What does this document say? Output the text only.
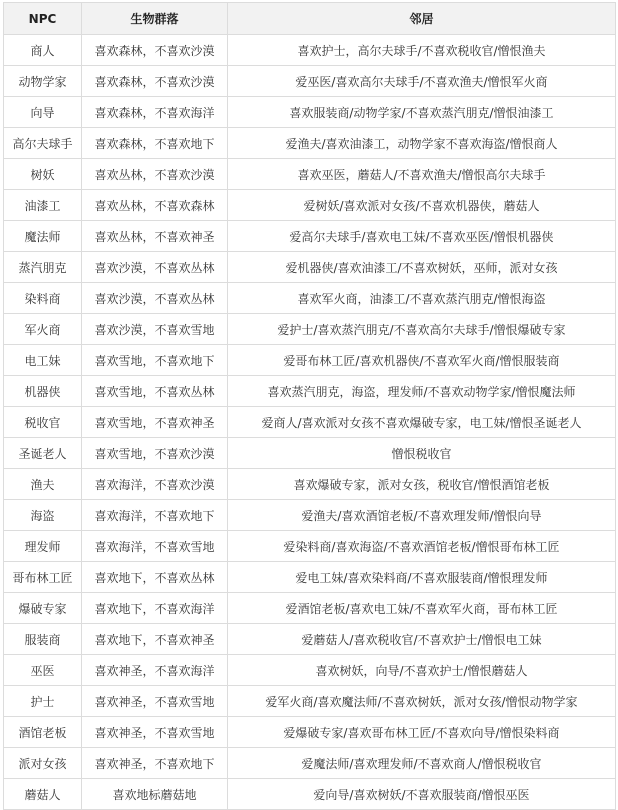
NPC	生物群落	邻居
商人	喜欢森林，不喜欢沙漠	喜欢护士，高尔夫球手/不喜欢税收官/憎恨渔夫
动物学家	喜欢森林，不喜欢沙漠	爱巫医/喜欢高尔夫球手/不喜欢渔夫/憎恨军火商
向导	喜欢森林，不喜欢海洋	喜欢服装商/动物学家/不喜欢蒸汽朋克/憎恨油漆工
高尔夫球手	喜欢森林，不喜欢地下	爱渔夫/喜欢油漆工，动物学家不喜欢海盗/憎恨商人
树妖	喜欢丛林，不喜欢沙漠	喜欢巫医，蘑菇人/不喜欢渔夫/憎恨高尔夫球手
油漆工	喜欢丛林，不喜欢森林	爱树妖/喜欢派对女孩/不喜欢机器侠，蘑菇人
魔法师	喜欢丛林，不喜欢神圣	爱高尔夫球手/喜欢电工妹/不喜欢巫医/憎恨机器侠
蒸汽朋克	喜欢沙漠，不喜欢丛林	爱机器侠/喜欢油漆工/不喜欢树妖，巫师，派对女孩
染料商	喜欢沙漠，不喜欢丛林	喜欢军火商，油漆工/不喜欢蒸汽朋克/憎恨海盗
军火商	喜欢沙漠，不喜欢雪地	爱护士/喜欢蒸汽朋克/不喜欢高尔夫球手/憎恨爆破专家
电工妹	喜欢雪地，不喜欢地下	爱哥布林工匠/喜欢机器侠/不喜欢军火商/憎恨服装商
机器侠	喜欢雪地，不喜欢丛林	喜欢蒸汽朋克，海盗，理发师/不喜欢动物学家/憎恨魔法师
税收官	喜欢雪地，不喜欢神圣	爱商人/喜欢派对女孩不喜欢爆破专家，电工妹/憎恨圣诞老人
圣诞老人	喜欢雪地，不喜欢沙漠	憎恨税收官
渔夫	喜欢海洋，不喜欢沙漠	喜欢爆破专家，派对女孩，税收官/憎恨酒馆老板
海盗	喜欢海洋，不喜欢地下	爱渔夫/喜欢酒馆老板/不喜欢理发师/憎恨向导
理发师	喜欢海洋，不喜欢雪地	爱染料商/喜欢海盗/不喜欢酒馆老板/憎恨哥布林工匠
哥布林工匠	喜欢地下，不喜欢丛林	爱电工妹/喜欢染料商/不喜欢服装商/憎恨理发师
爆破专家	喜欢地下，不喜欢海洋	爱酒馆老板/喜欢电工妹/不喜欢军火商，哥布林工匠
服装商	喜欢地下，不喜欢神圣	爱蘑菇人/喜欢税收官/不喜欢护士/憎恨电工妹
巫医	喜欢神圣，不喜欢海洋	喜欢树妖，向导/不喜欢护士/憎恨蘑菇人
护士	喜欢神圣，不喜欢雪地	爱军火商/喜欢魔法师/不喜欢树妖，派对女孩/憎恨动物学家
酒馆老板	喜欢神圣，不喜欢雪地	爱爆破专家/喜欢哥布林工匠/不喜欢向导/憎恨染料商
派对女孩	喜欢神圣，不喜欢地下	爱魔法师/喜欢理发师/不喜欢商人/憎恨税收官
蘑菇人	喜欢地标蘑菇地	爱向导/喜欢树妖/不喜欢服装商/憎恨巫医
